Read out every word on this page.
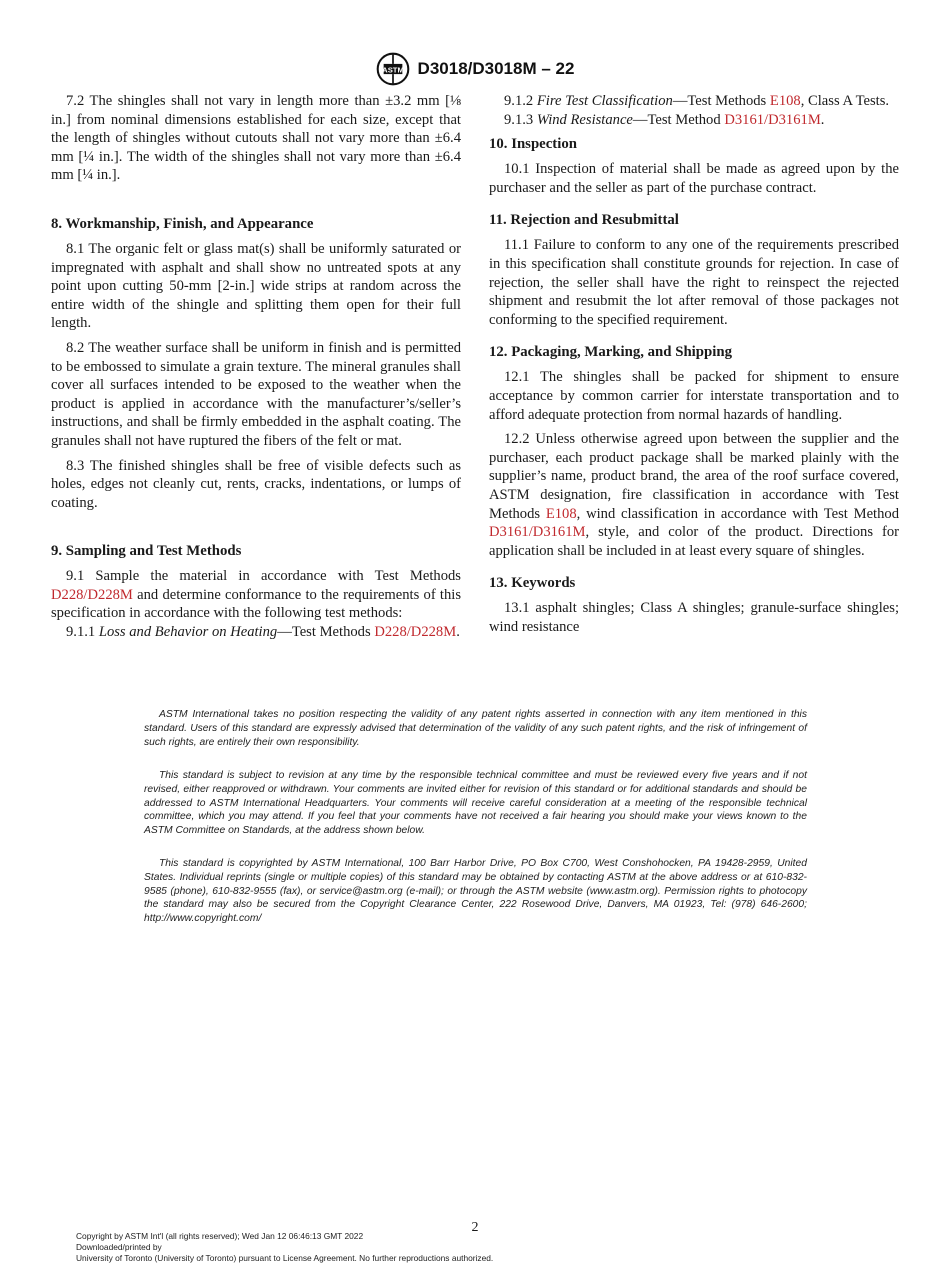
ASTM D3018/D3018M – 22

7.2 The shingles shall not vary in length more than ±3.2 mm [⅛ in.] from nominal dimensions established for each size, except that the length of shingles without cutouts shall not vary more than ±6.4 mm [¼ in.]. The width of the shingles shall not vary more than ±6.4 mm [¼ in.].

8. Workmanship, Finish, and Appearance

8.1 The organic felt or glass mat(s) shall be uniformly saturated or impregnated with asphalt and shall show no untreated spots at any point upon cutting 50-mm [2-in.] wide strips at random across the entire width of the shingle and splitting them open for their full length.

8.2 The weather surface shall be uniform in finish and is permitted to be embossed to simulate a grain texture. The mineral granules shall cover all surfaces intended to be exposed to the weather when the product is applied in accordance with the manufacturer’s/seller’s instructions, and shall be firmly embedded in the asphalt coating. The granules shall not have ruptured the fibers of the felt or mat.

8.3 The finished shingles shall be free of visible defects such as holes, edges not cleanly cut, rents, cracks, indentations, or lumps of coating.

9. Sampling and Test Methods

9.1 Sample the material in accordance with Test Methods D228/D228M and determine conformance to the requirements of this specification in accordance with the following test methods:

9.1.1 Loss and Behavior on Heating—Test Methods D228/D228M.

9.1.2 Fire Test Classification—Test Methods E108, Class A Tests.

9.1.3 Wind Resistance—Test Method D3161/D3161M.

10. Inspection

10.1 Inspection of material shall be made as agreed upon by the purchaser and the seller as part of the purchase contract.

11. Rejection and Resubmittal

11.1 Failure to conform to any one of the requirements prescribed in this specification shall constitute grounds for rejection. In case of rejection, the seller shall have the right to reinspect the rejected shipment and resubmit the lot after removal of those packages not conforming to the specified requirement.

12. Packaging, Marking, and Shipping

12.1 The shingles shall be packed for shipment to ensure acceptance by common carrier for interstate transportation and to afford adequate protection from normal hazards of handling.

12.2 Unless otherwise agreed upon between the supplier and the purchaser, each product package shall be marked plainly with the supplier’s name, product brand, the area of the roof surface covered, ASTM designation, fire classification in accordance with Test Methods E108, wind classification in accordance with Test Method D3161/D3161M, style, and color of the product. Directions for application shall be included in at least every square of shingles.

13. Keywords

13.1 asphalt shingles; Class A shingles; granule-surface shingles; wind resistance

ASTM International takes no position respecting the validity of any patent rights asserted in connection with any item mentioned in this standard. Users of this standard are expressly advised that determination of the validity of any such patent rights, and the risk of infringement of such rights, are entirely their own responsibility.

This standard is subject to revision at any time by the responsible technical committee and must be reviewed every five years and if not revised, either reapproved or withdrawn. Your comments are invited either for revision of this standard or for additional standards and should be addressed to ASTM International Headquarters. Your comments will receive careful consideration at a meeting of the responsible technical committee, which you may attend. If you feel that your comments have not received a fair hearing you should make your views known to the ASTM Committee on Standards, at the address shown below.

This standard is copyrighted by ASTM International, 100 Barr Harbor Drive, PO Box C700, West Conshohocken, PA 19428-2959, United States. Individual reprints (single or multiple copies) of this standard may be obtained by contacting ASTM at the above address or at 610-832-9585 (phone), 610-832-9555 (fax), or service@astm.org (e-mail); or through the ASTM website (www.astm.org). Permission rights to photocopy the standard may also be secured from the Copyright Clearance Center, 222 Rosewood Drive, Danvers, MA 01923, Tel: (978) 646-2600; http://www.copyright.com/

2
Copyright by ASTM Int'l (all rights reserved); Wed Jan 12 06:46:13 GMT 2022
Downloaded/printed by
University of Toronto (University of Toronto) pursuant to License Agreement. No further reproductions authorized.
